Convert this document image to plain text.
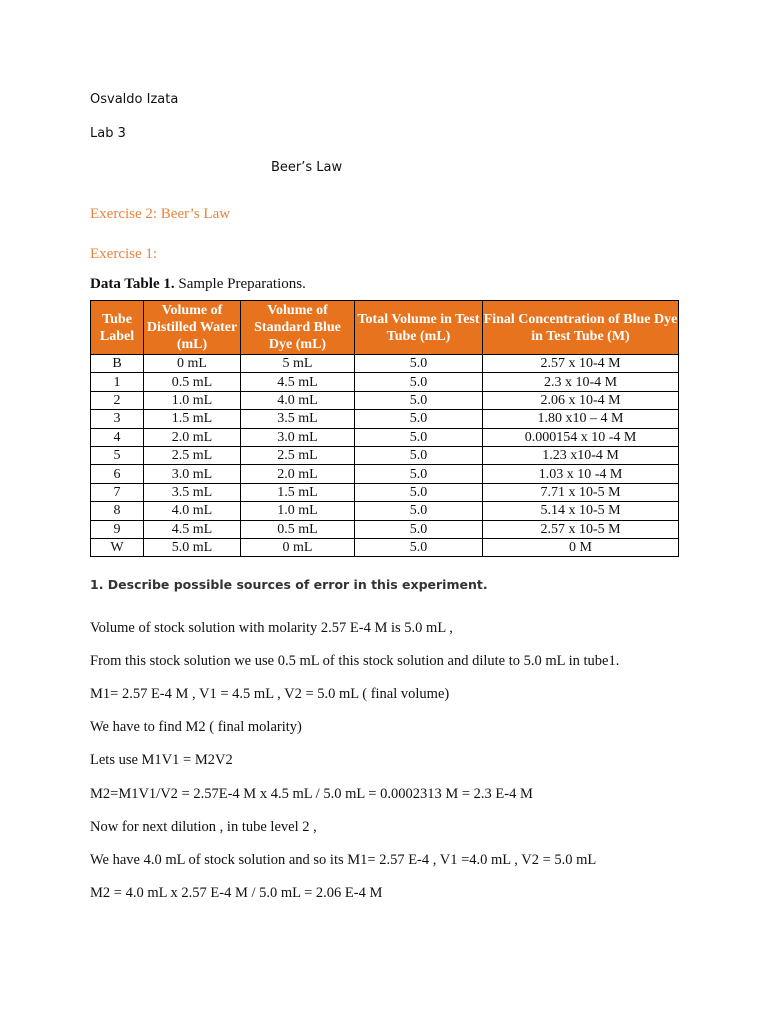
Osvaldo Izata
Lab 3
Beer’s Law
Exercise 2: Beer’s Law
Exercise 1:
Data Table 1. Sample Preparations.
Tube Label	Volume of Distilled Water (mL)	Volume of Standard Blue Dye (mL)	Total Volume in Test Tube (mL)	Final Concentration of Blue Dye in Test Tube (M)
B	0 mL	5 mL	5.0	2.57 x 10-4 M
1	0.5 mL	4.5 mL	5.0	2.3 x 10-4 M
2	1.0 mL	4.0 mL	5.0	2.06 x 10-4 M
3	1.5 mL	3.5 mL	5.0	1.80 x10 – 4 M
4	2.0 mL	3.0 mL	5.0	0.000154 x 10 -4 M
5	2.5 mL	2.5 mL	5.0	1.23 x10-4 M
6	3.0 mL	2.0 mL	5.0	1.03 x 10 -4 M
7	3.5 mL	1.5 mL	5.0	7.71 x 10-5 M
8	4.0 mL	1.0 mL	5.0	5.14 x 10-5 M
9	4.5 mL	0.5 mL	5.0	2.57 x 10-5 M
W	5.0 mL	0 mL	5.0	0 M
1. Describe possible sources of error in this experiment.
Volume of stock solution with molarity 2.57 E-4 M is 5.0 mL ,
From this stock solution we use 0.5 mL of this stock solution and dilute to 5.0 mL in tube1.
M1= 2.57 E-4 M , V1 = 4.5 mL , V2 = 5.0 mL ( final volume)
We have to find M2 ( final molarity)
Lets use M1V1 = M2V2
M2=M1V1/V2 = 2.57E-4 M x 4.5 mL / 5.0 mL = 0.0002313 M = 2.3 E-4 M
Now for next dilution , in tube level 2 ,
We have 4.0 mL of stock solution and so its M1= 2.57 E-4 , V1 =4.0 mL , V2 = 5.0 mL
M2 = 4.0 mL x 2.57 E-4 M / 5.0 mL = 2.06 E-4 M
